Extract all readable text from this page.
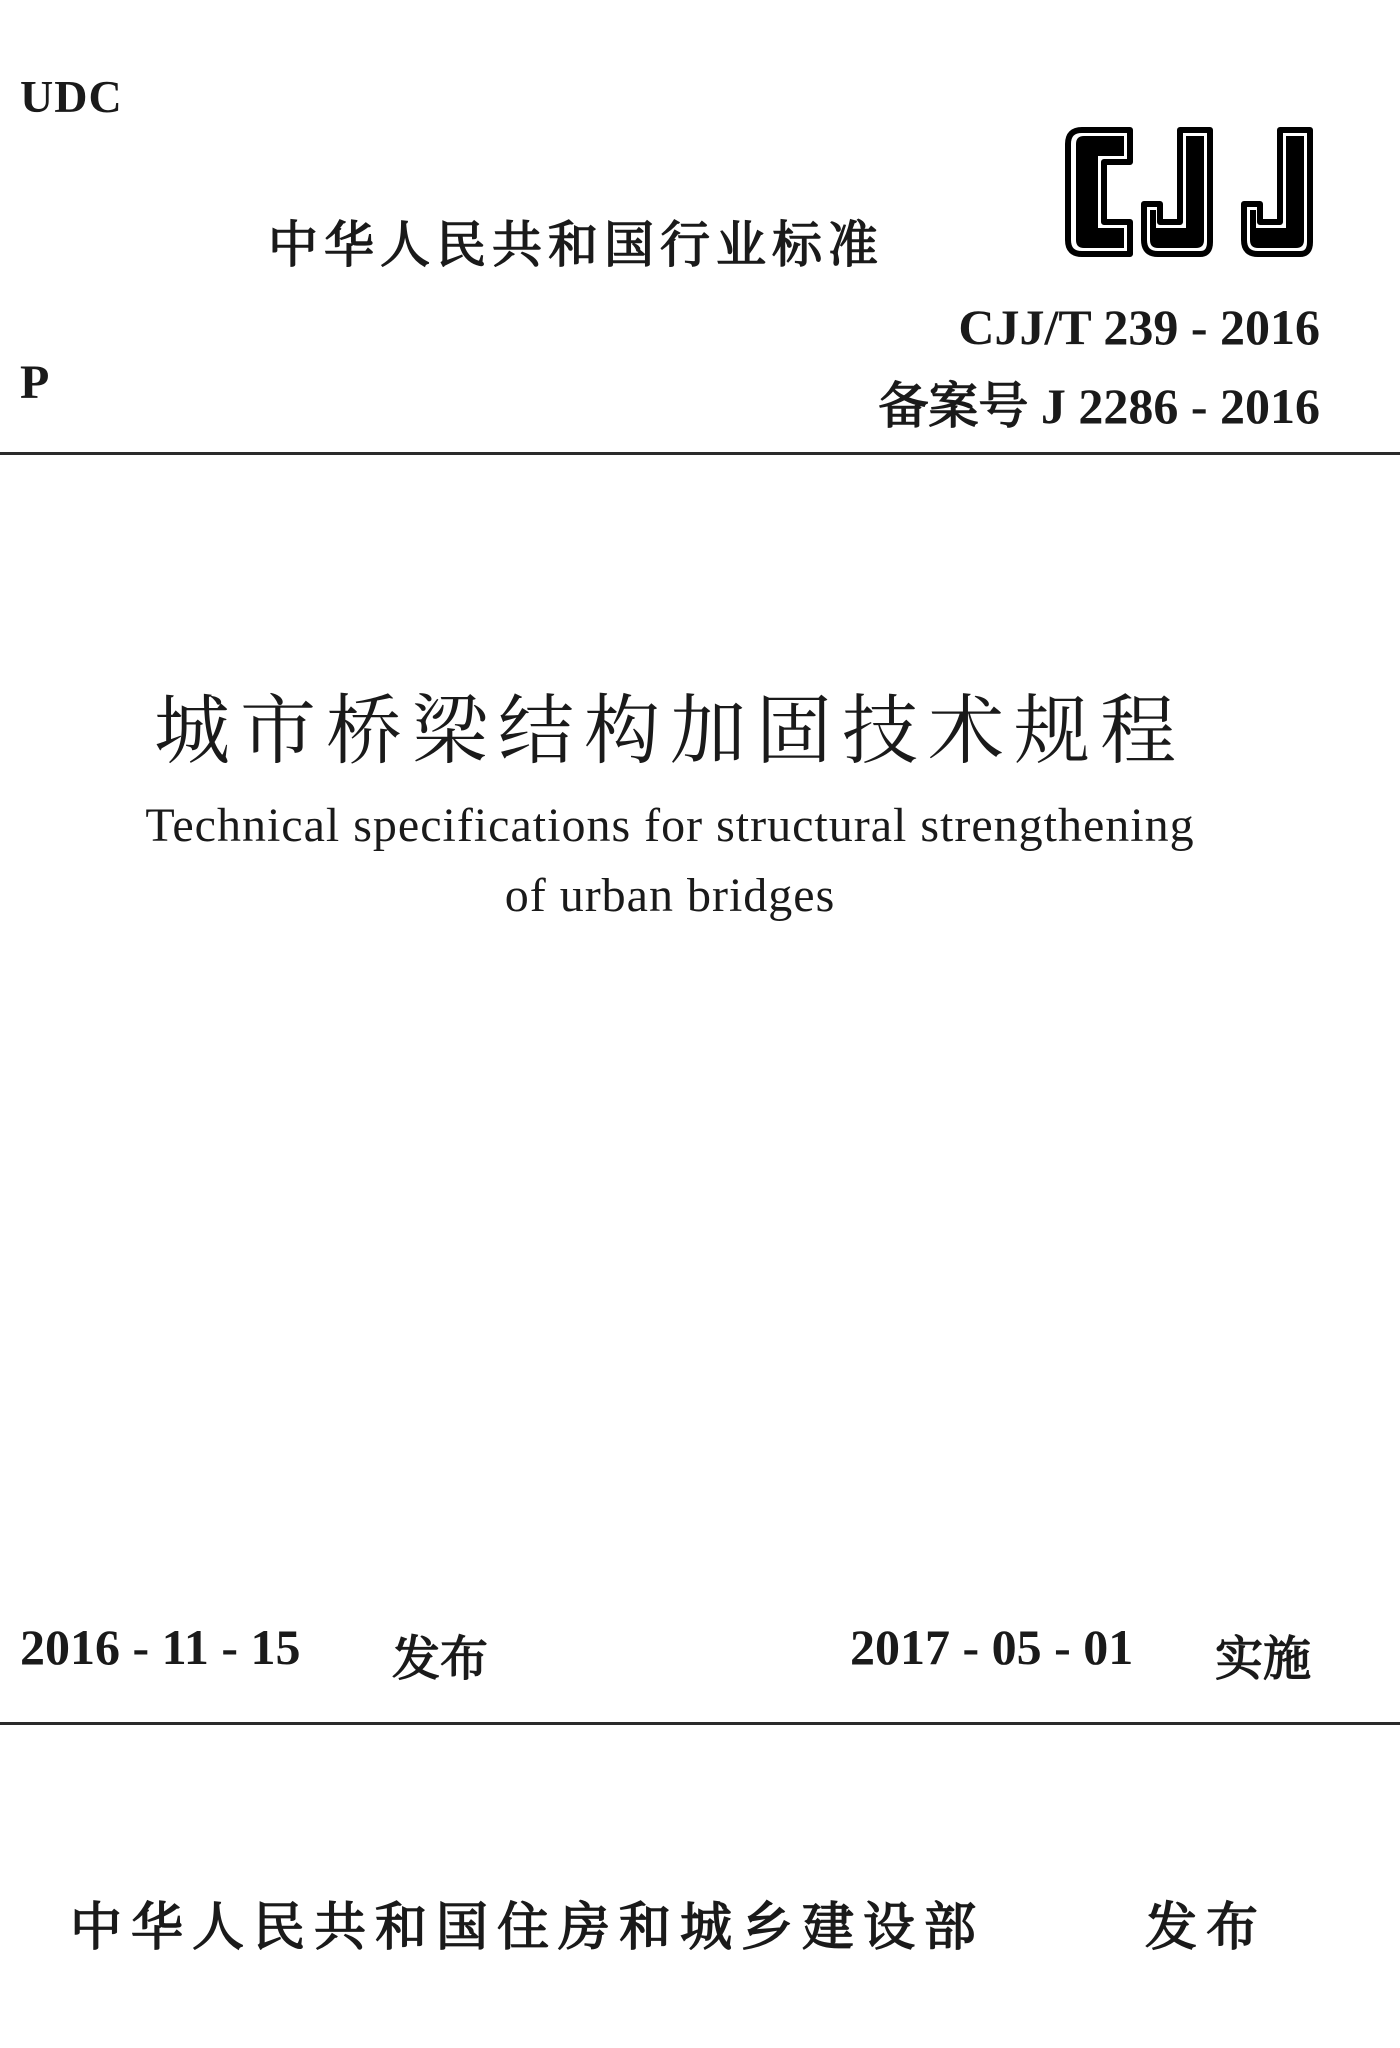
UDC
中华人民共和国行业标准
P
CJJ/T 239 - 2016
备案号 J 2286 - 2016
城市桥梁结构加固技术规程
Technical specifications for structural strengthening
of urban bridges
2016 - 11 - 15 发布	2017 - 05 - 01 实施
中华人民共和国住房和城乡建设部	发布
